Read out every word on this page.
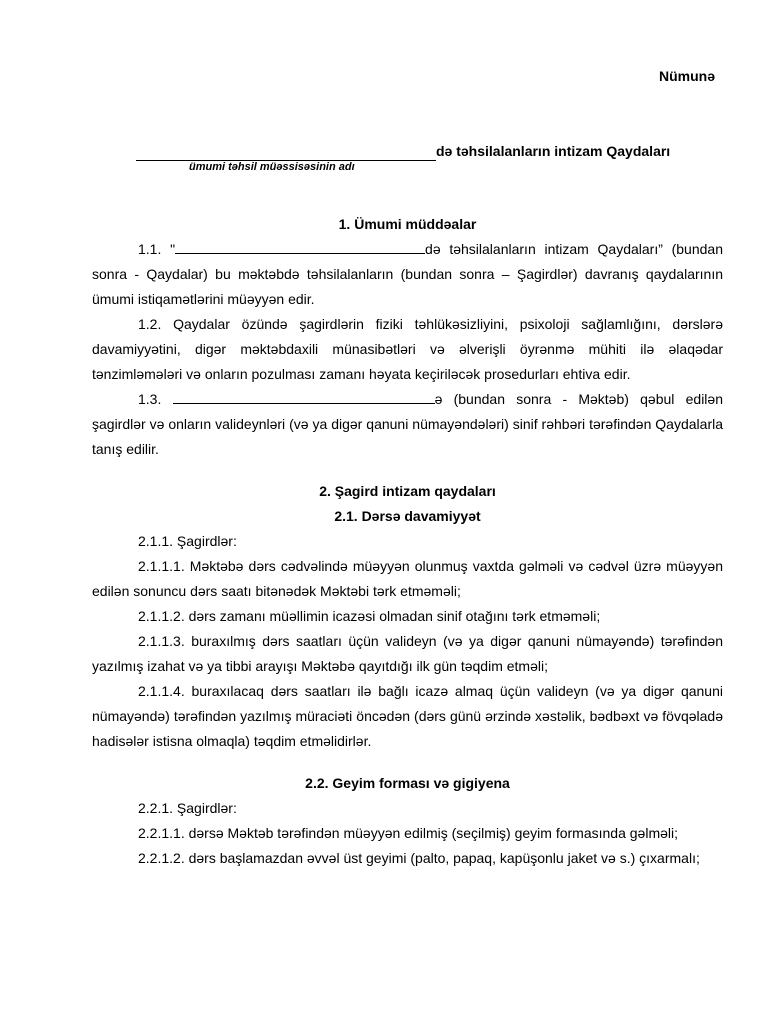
Nümunə
də təhsilalanların intizam Qaydaları
ümumi təhsil müəssisəsinin adı
1. Ümumi müddəalar

1.1. "	də təhsilalanların intizam Qaydaları” (bundan sonra - Qaydalar) bu məktəbdə təhsilalanların (bundan sonra – Şagirdlər) davranış qaydalarının ümumi istiqamətlərini müəyyən edir.

1.2. Qaydalar özündə şagirdlərin fiziki təhlükəsizliyini, psixoloji sağlamlığını, dərslərə davamiyyətini, digər məktəbdaxili münasibətləri və əlverişli öyrənmə mühiti ilə əlaqədar tənzimləmələri və onların pozulması zamanı həyata keçiriləcək prosedurları ehtiva edir.

1.3.	ə (bundan sonra - Məktəb) qəbul edilən şagirdlər və onların valideynləri (və ya digər qanuni nümayəndələri) sinif rəhbəri tərəfindən Qaydalarla tanış edilir.

2. Şagird intizam qaydaları
2.1. Dərsə davamiyyət

2.1.1. Şagirdlər:

2.1.1.1. Məktəbə dərs cədvəlində müəyyən olunmuş vaxtda gəlməli və cədvəl üzrə müəyyən edilən sonuncu dərs saatı bitənədək Məktəbi tərk etməməli;

2.1.1.2. dərs zamanı müəllimin icazəsi olmadan sinif otağını tərk etməməli;

2.1.1.3. buraxılmış dərs saatları üçün valideyn (və ya digər qanuni nümayəndə) tərəfindən yazılmış izahat və ya tibbi arayışı Məktəbə qayıtdığı ilk gün təqdim etməli;

2.1.1.4. buraxılacaq dərs saatları ilə bağlı icazə almaq üçün valideyn (və ya digər qanuni nümayəndə) tərəfindən yazılmış müraciəti öncədən (dərs günü ərzində xəstəlik, bədbəxt və fövqəladə hadisələr istisna olmaqla) təqdim etməlidirlər.

2.2. Geyim forması və gigiyena

2.2.1. Şagirdlər:

2.2.1.1. dərsə Məktəb tərəfindən müəyyən edilmiş (seçilmiş) geyim formasında gəlməli;

2.2.1.2. dərs başlamazdan əvvəl üst geyimi (palto, papaq, kapüşonlu jaket və s.) çıxarmalı;
